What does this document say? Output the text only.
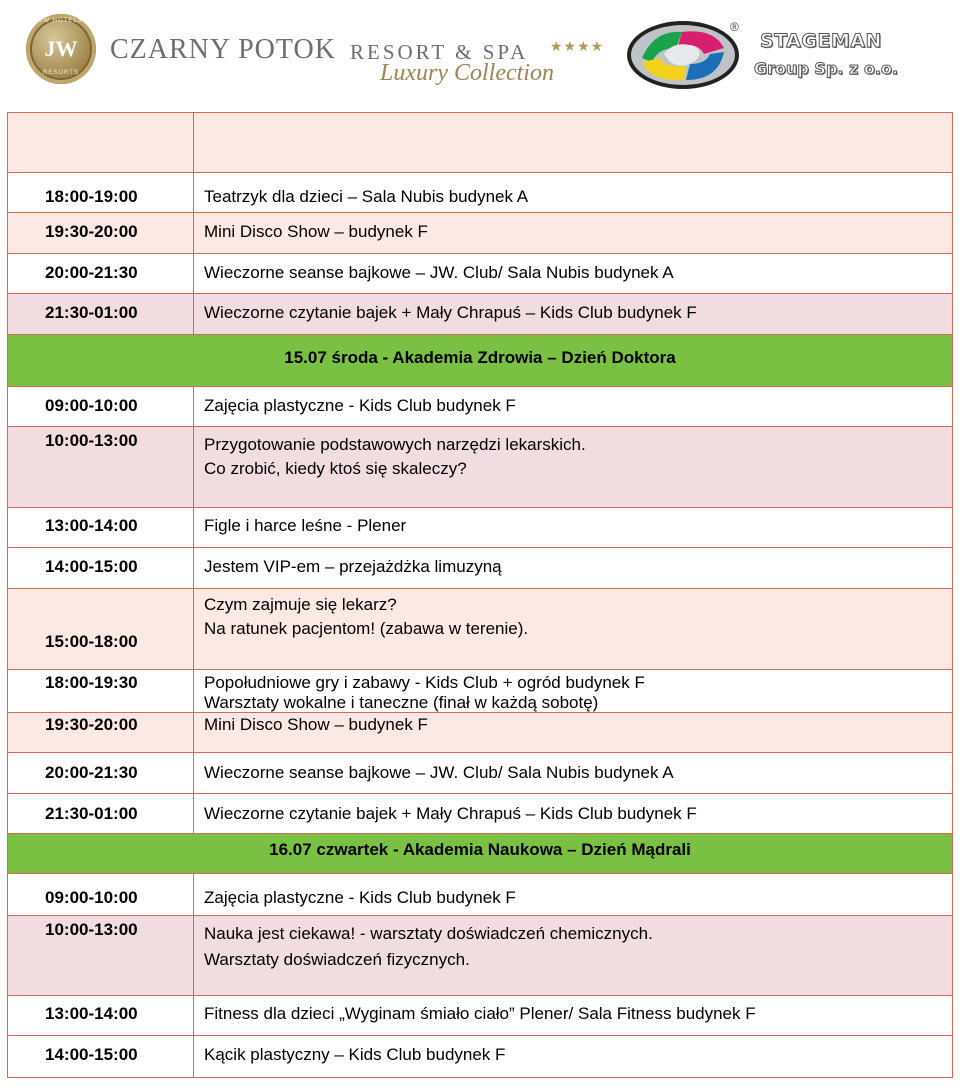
JW HOTELS
JW
RESORTS
CZARNY POTOK RESORT & SPA ★★★★
Luxury Collection
®
STAGEMAN
Group Sp. z o.o.

18:00-19:00	Teatrzyk dla dzieci – Sala Nubis budynek A
19:30-20:00	Mini Disco Show – budynek F
20:00-21:30	Wieczorne seanse bajkowe – JW. Club/ Sala Nubis budynek A
21:30-01:00	Wieczorne czytanie bajek + Mały Chrapuś – Kids Club budynek F
15.07 środa - Akademia Zdrowia – Dzień Doktora	
09:00-10:00	Zajęcia plastyczne - Kids Club budynek F
10:00-13:00	Przygotowanie podstawowych narzędzi lekarskich.
Co zrobić, kiedy ktoś się skaleczy?

13:00-14:00	Figle i harce leśne - Plener
14:00-15:00	Jestem VIP-em – przejażdżka limuzyną
15:00-18:00	Czym zajmuje się lekarz?
Na ratunek pacjentom! (zabawa w terenie).

18:00-19:30	Popołudniowe gry i zabawy - Kids Club + ogród budynek F
Warsztaty wokalne i taneczne (finał w każdą sobotę)

19:30-20:00	Mini Disco Show – budynek F
20:00-21:30	Wieczorne seanse bajkowe – JW. Club/ Sala Nubis budynek A
21:30-01:00	Wieczorne czytanie bajek + Mały Chrapuś – Kids Club budynek F
16.07 czwartek - Akademia Naukowa – Dzień Mądrali	
09:00-10:00	Zajęcia plastyczne - Kids Club budynek F
10:00-13:00	Nauka jest ciekawa! - warsztaty doświadczeń chemicznych.
Warsztaty doświadczeń fizycznych.

13:00-14:00	Fitness dla dzieci „Wyginam śmiało ciało” Plener/ Sala Fitness budynek F
14:00-15:00	Kącik plastyczny – Kids Club budynek F
